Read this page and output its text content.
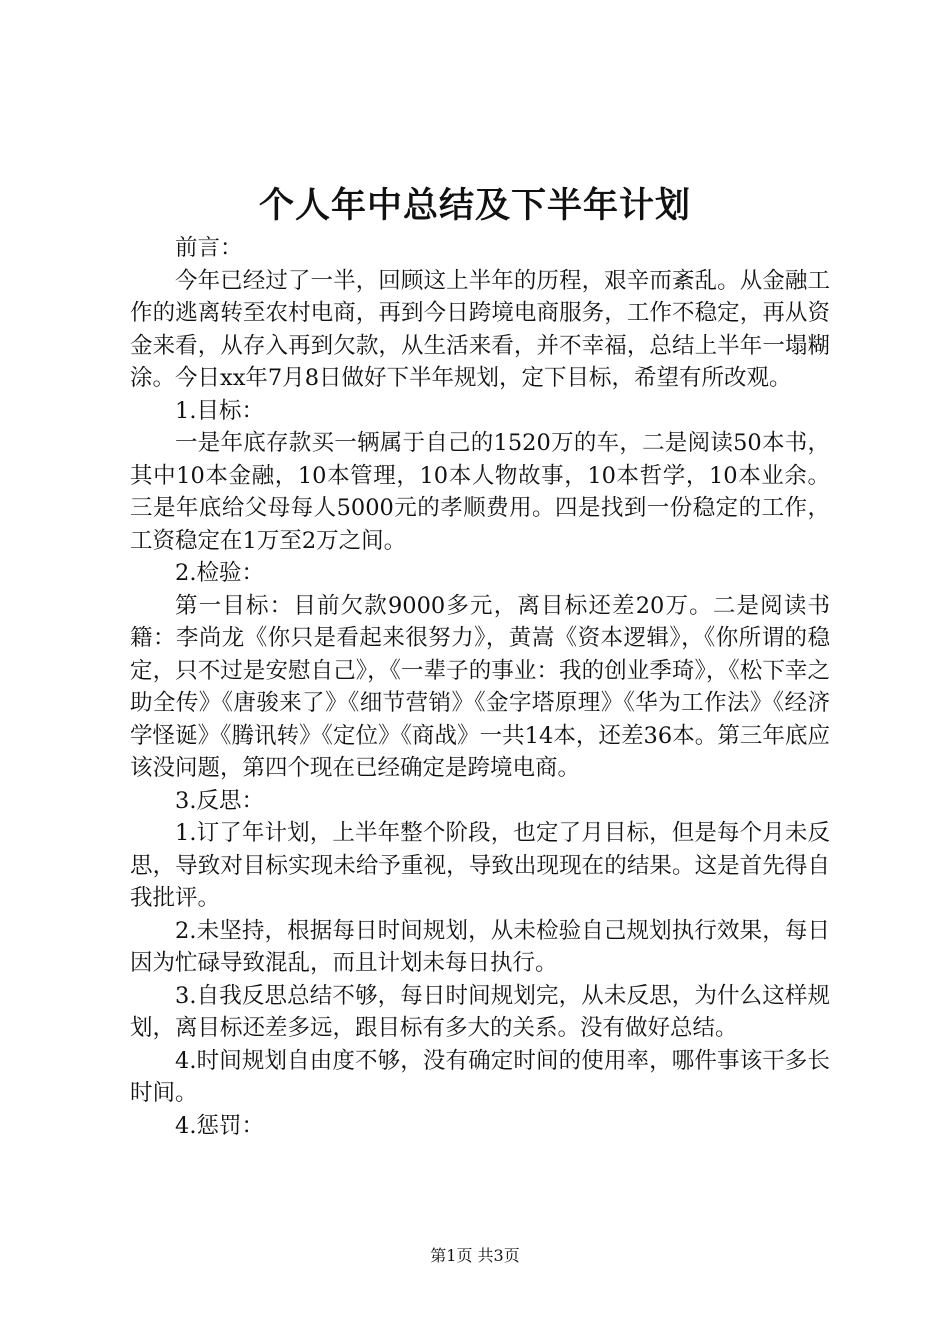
个人年中总结及下半年计划

前言：

今年已经过了一半，回顾这上半年的历程，艰辛而紊乱。从金融工作的逃离转至农村电商，再到今日跨境电商服务，工作不稳定，再从资金来看，从存入再到欠款，从生活来看，并不幸福，总结上半年一塌糊涂。今日xx年7月8日做好下半年规划，定下目标，希望有所改观。

1.目标：

一是年底存款买一辆属于自己的1520万的车，二是阅读50本书，其中10本金融，10本管理，10本人物故事，10本哲学，10本业余。三是年底给父母每人5000元的孝顺费用。四是找到一份稳定的工作，工资稳定在1万至2万之间。

2.检验：

第一目标：目前欠款9000多元，离目标还差20万。二是阅读书籍：李尚龙《你只是看起来很努力》，黄嵩《资本逻辑》，《你所谓的稳定，只不过是安慰自己》，《一辈子的事业：我的创业季琦》，《松下幸之助全传》《唐骏来了》《细节营销》《金字塔原理》《华为工作法》《经济学怪诞》《腾讯转》《定位》《商战》一共14本，还差36本。第三年底应该没问题，第四个现在已经确定是跨境电商。

3.反思：

1.订了年计划，上半年整个阶段，也定了月目标，但是每个月未反思，导致对目标实现未给予重视，导致出现现在的结果。这是首先得自我批评。

2.未坚持，根据每日时间规划，从未检验自己规划执行效果，每日因为忙碌导致混乱，而且计划未每日执行。

3.自我反思总结不够，每日时间规划完，从未反思，为什么这样规划，离目标还差多远，跟目标有多大的关系。没有做好总结。

4.时间规划自由度不够，没有确定时间的使用率，哪件事该干多长时间。

4.惩罚：

第1页 共3页
